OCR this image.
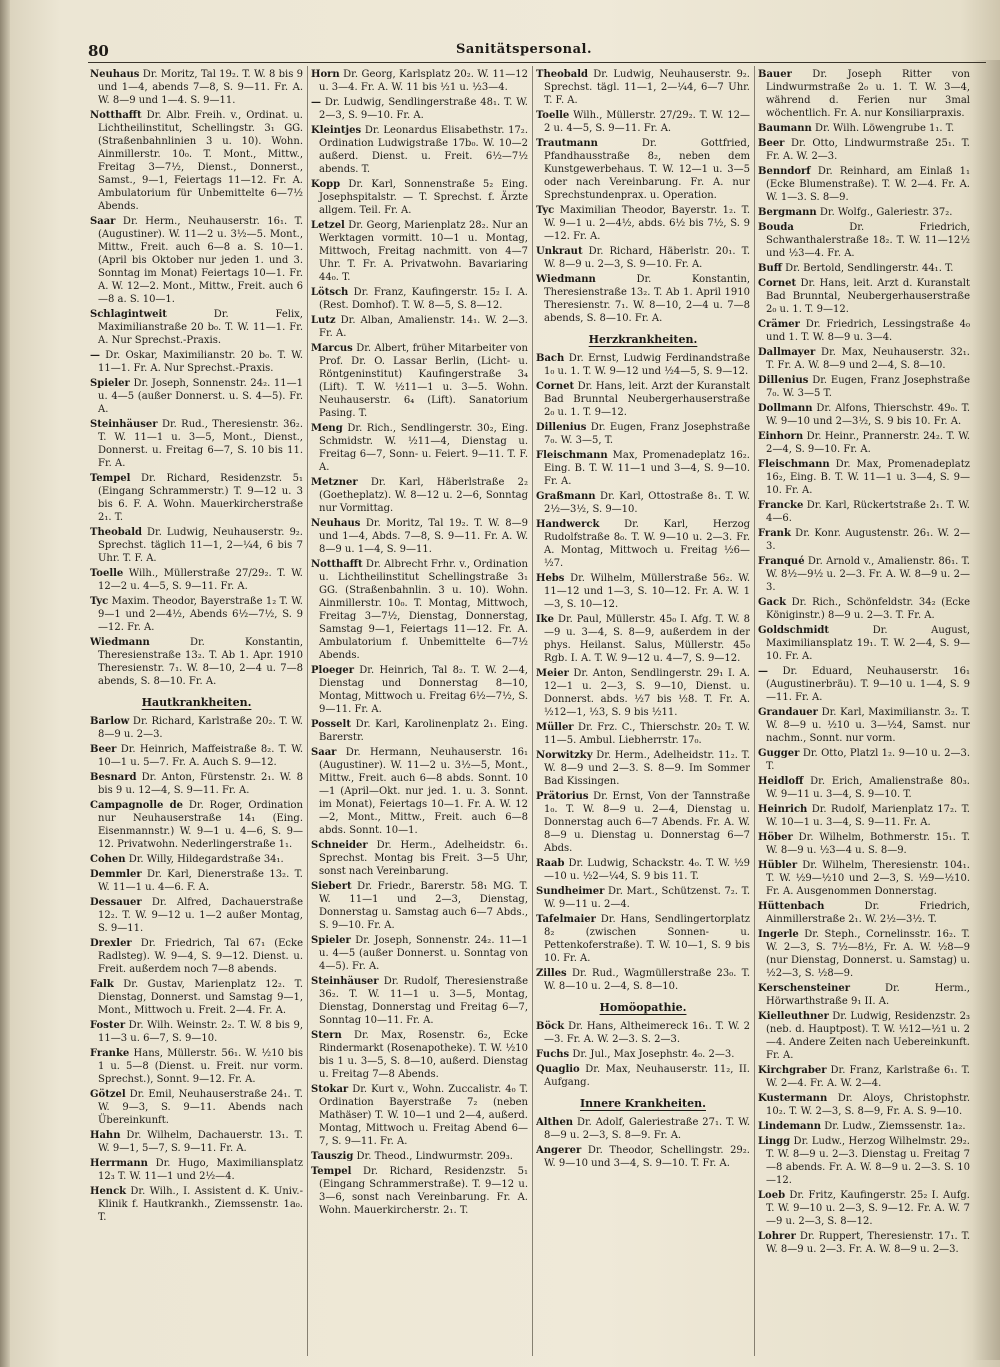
80	Sanitätspersonal.
Neuhaus Dr. Moritz, Tal 19₂. T. W. 8 bis 9 und 1—4, abends 7—8, S. 9—11. Fr. A. W. 8—9 und 1—4. S. 9—11.
Notthafft Dr. Albr. Freih. v., Ordinat. u. Lichtheilinstitut, Schellingstr. 3₁ GG. (Straßenbahnlinien 3 u. 10). Wohn. Ainmillerstr. 10₀. T. Mont., Mittw., Freitag 3—7½, Dienst., Donnerst., Samst., 9—1, Feiertags 11—12. Fr. A. Ambulatorium für Unbemittelte 6—7½ Abends.
Saar Dr. Herm., Neuhauserstr. 16₁. T. (Augustiner). W. 11—2 u. 3½—5. Mont., Mittw., Freit. auch 6—8 a. S. 10—1. (April bis Oktober nur jeden 1. und 3. Sonntag im Monat) Feiertags 10—1. Fr. A. W. 12—2. Mont., Mittw., Freit. auch 6—8 a. S. 10—1.
Schlagintweit	Dr. Felix, Maximilianstraße 20 b₀. T. W. 11—1. Fr. A. Nur Sprechst.-Praxis.
— Dr. Oskar, Maximilianstr. 20 b₀. T. W. 11—1. Fr. A. Nur Sprechst.-Praxis.
Spieler Dr. Joseph, Sonnenstr. 24₂. 11—1 u. 4—5 (außer Donnerst. u. S. 4—5). Fr. A.
Steinhäuser Dr. Rud., Theresienstr. 36₂. T. W. 11—1 u. 3—5, Mont., Dienst., Donnerst. u. Freitag 6—7, S. 10 bis 11. Fr. A.
Tempel Dr. Richard, Residenzstr. 5₁ (Eingang Schrammerstr.) T. 9—12 u. 3 bis 6. F. A. Wohn. Mauerkircherstraße 2₁. T.
Theobald Dr. Ludwig, Neuhauserstr. 9₂. Sprechst. täglich 11—1, 2—¼4, 6 bis 7 Uhr. T. F. A.
Toelle Wilh., Müllerstraße 27/29₂. T. W. 12—2 u. 4—5, S. 9—11. Fr. A.
Tyc Maxim. Theodor, Bayerstraße 1₂ T. W. 9—1 und 2—4½, Abends 6½—7½, S. 9—12. Fr. A.
Wiedmann	Dr. Konstantin, Theresienstraße 13₂. T. Ab 1. Apr. 1910 Theresienstr. 7₁. W. 8—10, 2—4 u. 7—8 abends, S. 8—10. Fr. A.
Hautkrankheiten.
Barlow Dr. Richard, Karlstraße 20₂. T. W. 8—9 u. 2—3.
Beer Dr. Heinrich, Maffeistraße 8₂. T. W. 10—1 u. 5—7. Fr. A. Auch S. 9—12.
Besnard Dr. Anton, Fürstenstr. 2₁. W. 8 bis 9 u. 12—4, S. 9—11. Fr. A.
Campagnolle de Dr. Roger, Ordination nur Neuhauserstraße 14₁ (Eing. Eisenmannstr.) W. 9—1 u. 4—6, S. 9—12. Privatwohn. Nederlingerstraße 1₁.
Cohen Dr. Willy, Hildegardstraße 34₁.
Demmler Dr. Karl, Dienerstraße 13₂. T. W. 11—1 u. 4—6. F. A.
Dessauer Dr. Alfred, Dachauerstraße 12₂. T. W. 9—12 u. 1—2 außer Montag, S. 9—11.
Drexler Dr. Friedrich, Tal 67₁ (Ecke Radlsteg). W. 9—4, S. 9—12. Dienst. u. Freit. außerdem noch 7—8 abends.
Falk Dr. Gustav, Marienplatz 12₂. T. Dienstag, Donnerst. und Samstag 9—1, Mont., Mittwoch u. Freit. 2—4. Fr. A.
Foster Dr. Wilh. Weinstr. 2₂. T. W. 8 bis 9, 11—3 u. 6—7, S. 9—10.
Franke Hans, Müllerstr. 56₁. W. ½10 bis 1 u. 5—8 (Dienst. u. Freit. nur vorm. Sprechst.), Sonnt. 9—12. Fr. A.
Götzel Dr. Emil, Neuhauserstraße 24₁. T. W. 9—3, S. 9—11. Abends nach Übereinkunft.
Hahn Dr. Wilhelm, Dachauerstr. 13₁. T. W. 9—1, 5—7, S. 9—11. Fr. A.
Herrmann Dr. Hugo, Maximiliansplatz 12₃ T. W. 11—1 und 2½—4.
Henck Dr. Wilh., I. Assistent d. K. Univ.-Klinik f. Hautkrankh., Ziemssenstr. 1a₀. T.
Horn Dr. Georg, Karlsplatz 20₂. W. 11—12 u. 3—4. Fr. A. W. 11 bis ½1 u. ½3—4.
— Dr. Ludwig, Sendlingerstraße 48₁. T. W. 2—3, S. 9—10. Fr. A.
Kleintjes Dr. Leonardus Elisabethstr. 17₂. Ordination Ludwigstraße 17b₀. W. 10—2 außerd. Dienst. u. Freit. 6½—7½ abends. T.
Kopp Dr. Karl, Sonnenstraße 5₂ Eing. Josephspitalstr. — T. Sprechst. f. Ärzte allgem. Teil. Fr. A.
Letzel Dr. Georg, Marienplatz 28₂. Nur an Werktagen vormitt. 10—1 u. Montag, Mittwoch, Freitag nachmitt. von 4—7 Uhr. T. Fr. A. Privatwohn. Bavariaring 44₀. T.
Lötsch Dr. Franz, Kaufingerstr. 15₂ I. A. (Rest. Domhof). T. W. 8—5, S. 8—12.
Lutz Dr. Alban, Amalienstr. 14₁. W. 2—3. Fr. A.
Marcus Dr. Albert, früher Mitarbeiter von Prof. Dr. O. Lassar Berlin, (Licht- u. Röntgeninstitut) Kaufingerstraße 3₄ (Lift). T. W. ½11—1 u. 3—5. Wohn. Neuhauserstr. 6₄ (Lift). Sanatorium Pasing. T.
Meng Dr. Rich., Sendlingerstr. 30₂, Eing. Schmidstr. W. ½11—4, Dienstag u. Freitag 6—7, Sonn- u. Feiert. 9—11. T. F. A.
Metzner Dr. Karl, Häberlstraße 2₂ (Goetheplatz). W. 8—12 u. 2—6, Sonntag nur Vormittag.
Neuhaus Dr. Moritz, Tal 19₂. T. W. 8—9 und 1—4, Abds. 7—8, S. 9—11. Fr. A. W. 8—9 u. 1—4, S. 9—11.
Notthafft Dr. Albrecht Frhr. v., Ordination u. Lichtheilinstitut Schellingstraße 3₁ GG. (Straßenbahnlin. 3 u. 10). Wohn. Ainmillerstr. 10₀. T. Montag, Mittwoch, Freitag 3—7½, Dienstag, Donnerstag, Samstag 9—1, Feiertags 11—12. Fr. A. Ambulatorium f. Unbemittelte 6—7½ Abends.
Ploeger Dr. Heinrich, Tal 8₂. T. W. 2—4, Dienstag und Donnerstag 8—10, Montag, Mittwoch u. Freitag 6½—7½, S. 9—11. Fr. A.
Posselt Dr. Karl, Karolinenplatz 2₁. Eing. Barerstr.
Saar Dr. Hermann, Neuhauserstr. 16₁ (Augustiner). W. 11—2 u. 3½—5, Mont., Mittw., Freit. auch 6—8 abds. Sonnt. 10—1 (April—Okt. nur jed. 1. u. 3. Sonnt. im Monat), Feiertags 10—1. Fr. A. W. 12—2, Mont., Mittw., Freit. auch 6—8 abds. Sonnt. 10—1.
Schneider Dr. Herm., Adelheidstr. 6₁. Sprechst. Montag bis Freit. 3—5 Uhr, sonst nach Vereinbarung.
Siebert Dr. Friedr., Barerstr. 58₁ MG. T. W. 11—1 und 2—3, Dienstag, Donnerstag u. Samstag auch 6—7 Abds., S. 9—10. Fr. A.
Spieler Dr. Joseph, Sonnenstr. 24₂. 11—1 u. 4—5 (außer Donnerst. u. Sonntag von 4—5). Fr. A.
Steinhäuser Dr. Rudolf, Theresienstraße 36₂. T. W. 11—1 u. 3—5, Montag, Dienstag, Donnerstag und Freitag 6—7, Sonntag 10—11. Fr. A.
Stern Dr. Max, Rosenstr. 6₂, Ecke Rindermarkt (Rosenapotheke). T. W. ½10 bis 1 u. 3—5, S. 8—10, außerd. Dienstag u. Freitag 7—8 Abends.
Stokar Dr. Kurt v., Wohn. Zuccalistr. 4₀ T. Ordination Bayerstraße 7₂ (neben Mathäser) T. W. 10—1 und 2—4, außerd. Montag, Mittwoch u. Freitag Abend 6—7, S. 9—11. Fr. A.
Tauszig Dr. Theod., Lindwurmstr. 209₃.
Tempel Dr. Richard, Residenzstr. 5₁ (Eingang Schrammerstraße). T. 9—12 u. 3—6, sonst nach Vereinbarung. Fr. A. Wohn. Mauerkircherstr. 2₁. T.
Theobald Dr. Ludwig, Neuhauserstr. 9₂. Sprechst. tägl. 11—1, 2—¼4, 6—7 Uhr. T. F. A.
Toelle Wilh., Müllerstr. 27/29₂. T. W. 12—2 u. 4—5, S. 9—11. Fr. A.
Trautmann	Dr. Gottfried, Pfandhausstraße 8₂, neben dem Kunstgewerbehaus. T. W. 12—1 u. 3—5 oder nach Vereinbarung. Fr. A. nur Sprechstundenprax. u. Operation.
Tyc Maximilian Theodor, Bayerstr. 1₂. T. W. 9—1 u. 2—4½, abds. 6½ bis 7½, S. 9—12. Fr. A.
Unkraut Dr. Richard, Häberlstr. 20₁. T. W. 8—9 u. 2—3, S. 9—10. Fr. A.
Wiedmann	Dr. Konstantin, Theresienstraße 13₂. T. Ab 1. April 1910 Theresienstr. 7₁. W. 8—10, 2—4 u. 7—8 abends, S. 8—10. Fr. A.
Herzkrankheiten.
Bach Dr. Ernst, Ludwig Ferdinandstraße 1₀ u. 1. T. W. 9—12 und ½4—5, S. 9—12.
Cornet Dr. Hans, leit. Arzt der Kuranstalt Bad Brunntal Neubergerhauserstraße 2₀ u. 1. T. 9—12.
Dillenius Dr. Eugen, Franz Josephstraße 7₀. W. 3—5, T.
Fleischmann Max, Promenadeplatz 16₂. Eing. B. T. W. 11—1 und 3—4, S. 9—10. Fr. A.
Graßmann Dr. Karl, Ottostraße 8₁. T. W. 2½—3½, S. 9—10.
Handwerck Dr. Karl, Herzog Rudolfstraße 8₀. T. W. 9—10 u. 2—3. Fr. A. Montag, Mittwoch u. Freitag ½6—½7.
Hebs Dr. Wilhelm, Müllerstraße 56₂. W. 11—12 und 1—3, S. 10—12. Fr. A. W. 1—3, S. 10—12.
Ike Dr. Paul, Müllerstr. 45₀ I. Afg. T. W. 8—9 u. 3—4, S. 8—9, außerdem in der phys. Heilanst. Salus, Müllerstr. 45₀ Rgb. I. A. T. W. 9—12 u. 4—7, S. 9—12.
Meier Dr. Anton, Sendlingerstr. 29₁ I. A. 12—1 u. 2—3, S. 9—10, Dienst. u. Donnerst. abds. ½7 bis ½8. T. Fr. A. ½12—1, ½3, S. 9 bis ½11.
Müller Dr. Frz. C., Thierschstr. 20₂ T. W. 11—5. Ambul. Liebherrstr. 17₀.
Norwitzky Dr. Herm., Adelheidstr. 11₂. T. W. 8—9 und 2—3. S. 8—9. Im Sommer Bad Kissingen.
Prätorius Dr. Ernst, Von der Tannstraße 1₀. T. W. 8—9 u. 2—4, Dienstag u. Donnerstag auch 6—7 Abends. Fr. A. W. 8—9 u. Dienstag u. Donnerstag 6—7 Abds.
Raab Dr. Ludwig, Schackstr. 4₀. T. W. ½9—10 u. ½2—¼4, S. 9 bis 11. T.
Sundheimer Dr. Mart., Schützenst. 7₂. T. W. 9—11 u. 2—4.
Tafelmaier Dr. Hans, Sendlingertorplatz 8₂ (zwischen Sonnen- u. Pettenkoferstraße). T. W. 10—1, S. 9 bis 10. Fr. A.
Zilles Dr. Rud., Wagmüllerstraße 23₀. T. W. 8—10 u. 2—4, S. 8—10.
Homöopathie.
Böck Dr. Hans, Altheimereck 16₁. T. W. 2—3. Fr. A. W. 2—3. S. 2—3.
Fuchs Dr. Jul., Max Josephstr. 4₀. 2—3.
Quaglio Dr. Max, Neuhauserstr. 11₂, II. Aufgang.
Innere Krankheiten.
Althen Dr. Adolf, Galeriestraße 27₁. T. W. 8—9 u. 2—3, S. 8—9. Fr. A.
Angerer Dr. Theodor, Schellingstr. 29₂. W. 9—10 und 3—4, S. 9—10. T. Fr. A.
Bauer Dr. Joseph Ritter von Lindwurmstraße 2₀ u. 1. T. W. 3—4, während d. Ferien nur 3mal wöchentlich. Fr. A. nur Konsiliarpraxis.
Baumann Dr. Wilh. Löwengrube 1₁. T.
Beer Dr. Otto, Lindwurmstraße 25₁. T. Fr. A. W. 2—3.
Benndorf Dr. Reinhard, am Einlaß 1₁ (Ecke Blumenstraße). T. W. 2—4. Fr. A. W. 1—3. S. 8—9.
Bergmann Dr. Wolfg., Galeriestr. 37₂.
Bouda	Dr. Friedrich, Schwanthalerstraße 18₂. T. W. 11—12½ und ½3—4. Fr. A.
Buff Dr. Bertold, Sendlingerstr. 44₁. T.
Cornet Dr. Hans, leit. Arzt d. Kuranstalt Bad Brunntal, Neubergerhauserstraße 2₀ u. 1. T. 9—12.
Crämer Dr. Friedrich, Lessingstraße 4₀ und 1. T. W. 8—9 u. 3—4.
Dallmayer Dr. Max, Neuhauserstr. 32₁. T. Fr. A. W. 8—9 und 2—4, S. 8—10.
Dillenius Dr. Eugen, Franz Josephstraße 7₀. W. 3—5 T.
Dollmann Dr. Alfons, Thierschstr. 49₀. T. W. 9—10 und 2—3½, S. 9 bis 10. Fr. A.
Einhorn Dr. Heinr., Prannerstr. 24₂. T. W. 2—4, S. 9—10. Fr. A.
Fleischmann Dr. Max, Promenadeplatz 16₂, Eing. B. T. W. 11—1 u. 3—4, S. 9—10. Fr. A.
Francke Dr. Karl, Rückertstraße 2₁. T. W. 4—6.
Frank Dr. Konr. Augustenstr. 26₁. W. 2—3.
Franqué Dr. Arnold v., Amalienstr. 86₁. T. W. 8½—9½ u. 2—3. Fr. A. W. 8—9 u. 2—3.
Gack Dr. Rich., Schönfeldstr. 34₂ (Ecke Königinstr.) 8—9 u. 2—3. T. Fr. A.
Goldschmidt	Dr. August, Maximiliansplatz 19₁. T. W. 2—4, S. 9—10. Fr. A.
— Dr. Eduard, Neuhauserstr. 16₁ (Augustinerbräu). T. 9—10 u. 1—4, S. 9—11. Fr. A.
Grandauer Dr. Karl, Maximilianstr. 3₂. T. W. 8—9 u. ½10 u. 3—½4, Samst. nur nachm., Sonnt. nur vorm.
Gugger Dr. Otto, Platzl 1₂. 9—10 u. 2—3. T.
Heidloff Dr. Erich, Amalienstraße 80₃. W. 9—11 u. 3—4, S. 9—10. T.
Heinrich Dr. Rudolf, Marienplatz 17₂. T. W. 10—1 u. 3—4, S. 9—11. Fr. A.
Höber Dr. Wilhelm, Bothmerstr. 15₁. T. W. 8—9 u. ½3—4 u. S. 8—9.
Hübler Dr. Wilhelm, Theresienstr. 104₁. T. W. ½9—½10 und 2—3, S. ½9—½10. Fr. A. Ausgenommen Donnerstag.
Hüttenbach	Dr. Friedrich, Ainmillerstraße 2₁. W. 2½—3½. T.
Ingerle Dr. Steph., Cornelinsstr. 16₂. T. W. 2—3, S. 7½—8½, Fr. A. W. ½8—9 (nur Dienstag, Donnerst. u. Samstag) u. ½2—3, S. ½8—9.
Kerschensteiner	Dr. Herm., Hörwarthstraße 9₁ II. A.
Kielleuthner Dr. Ludwig, Residenzstr. 2₃ (neb. d. Hauptpost). T. W. ½12—½1 u. 2—4. Andere Zeiten nach Uebereinkunft. Fr. A.
Kirchgraber Dr. Franz, Karlstraße 6₁. T. W. 2—4. Fr. A. W. 2—4.
Kustermann Dr. Aloys, Christophstr. 10₂. T. W. 2—3, S. 8—9, Fr. A. S. 9—10.
Lindemann Dr. Ludw., Ziemssenstr. 1a₂.
Lingg Dr. Ludw., Herzog Wilhelmstr. 29₂. T. W. 8—9 u. 2—3. Dienstag u. Freitag 7—8 abends. Fr. A. W. 8—9 u. 2—3. S. 10—12.
Loeb Dr. Fritz, Kaufingerstr. 25₂ I. Aufg. T. W. 9—10 u. 2—3, S. 9—12. Fr. A. W. 7—9 u. 2—3, S. 8—12.
Lohrer Dr. Ruppert, Theresienstr. 17₁. T. W. 8—9 u. 2—3. Fr. A. W. 8—9 u. 2—3.
